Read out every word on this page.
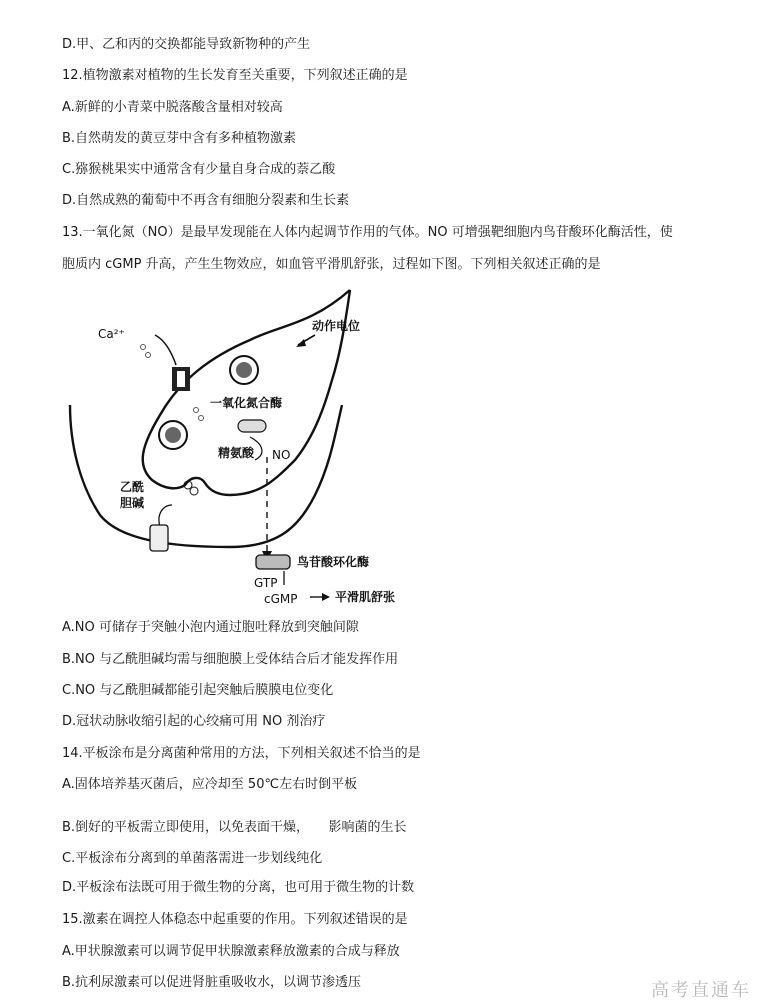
D.甲、乙和丙的交换都能导致新物种的产生
12.植物激素对植物的生长发育至关重要，下列叙述正确的是
A.新鲜的小青菜中脱落酸含量相对较高
B.自然萌发的黄豆芽中含有多种植物激素
C.猕猴桃果实中通常含有少量自身合成的萘乙酸
D.自然成熟的葡萄中不再含有细胞分裂素和生长素
13.一氧化氮（NO）是最早发现能在人体内起调节作用的气体。NO 可增强靶细胞内鸟苷酸环化酶活性，使
胞质内 cGMP 升高，产生生物效应，如血管平滑肌舒张，过程如下图。下列相关叙述正确的是
Ca²⁺
动作电位
一氧化氮合酶
精氨酸 NO
乙酰
胆碱
鸟苷酸环化酶
GTP
cGMP	平滑肌舒张
A.NO 可储存于突触小泡内通过胞吐释放到突触间隙
B.NO 与乙酰胆碱均需与细胞膜上受体结合后才能发挥作用
C.NO 与乙酰胆碱都能引起突触后膜膜电位变化
D.冠状动脉收缩引起的心绞痛可用 NO 剂治疗
14.平板涂布是分离菌种常用的方法，下列相关叙述不恰当的是
A.固体培养基灭菌后，应冷却至 50℃左右时倒平板
B.倒好的平板需立即使用，以免表面干燥，　　影响菌的生长
C.平板涂布分离到的单菌落需进一步划线纯化
D.平板涂布法既可用于微生物的分离，也可用于微生物的计数
15.激素在调控人体稳态中起重要的作用。下列叙述错误的是
A.甲状腺激素可以调节促甲状腺激素释放激素的合成与释放
B.抗利尿激素可以促进肾脏重吸收水，以调节渗透压	高考直通车
